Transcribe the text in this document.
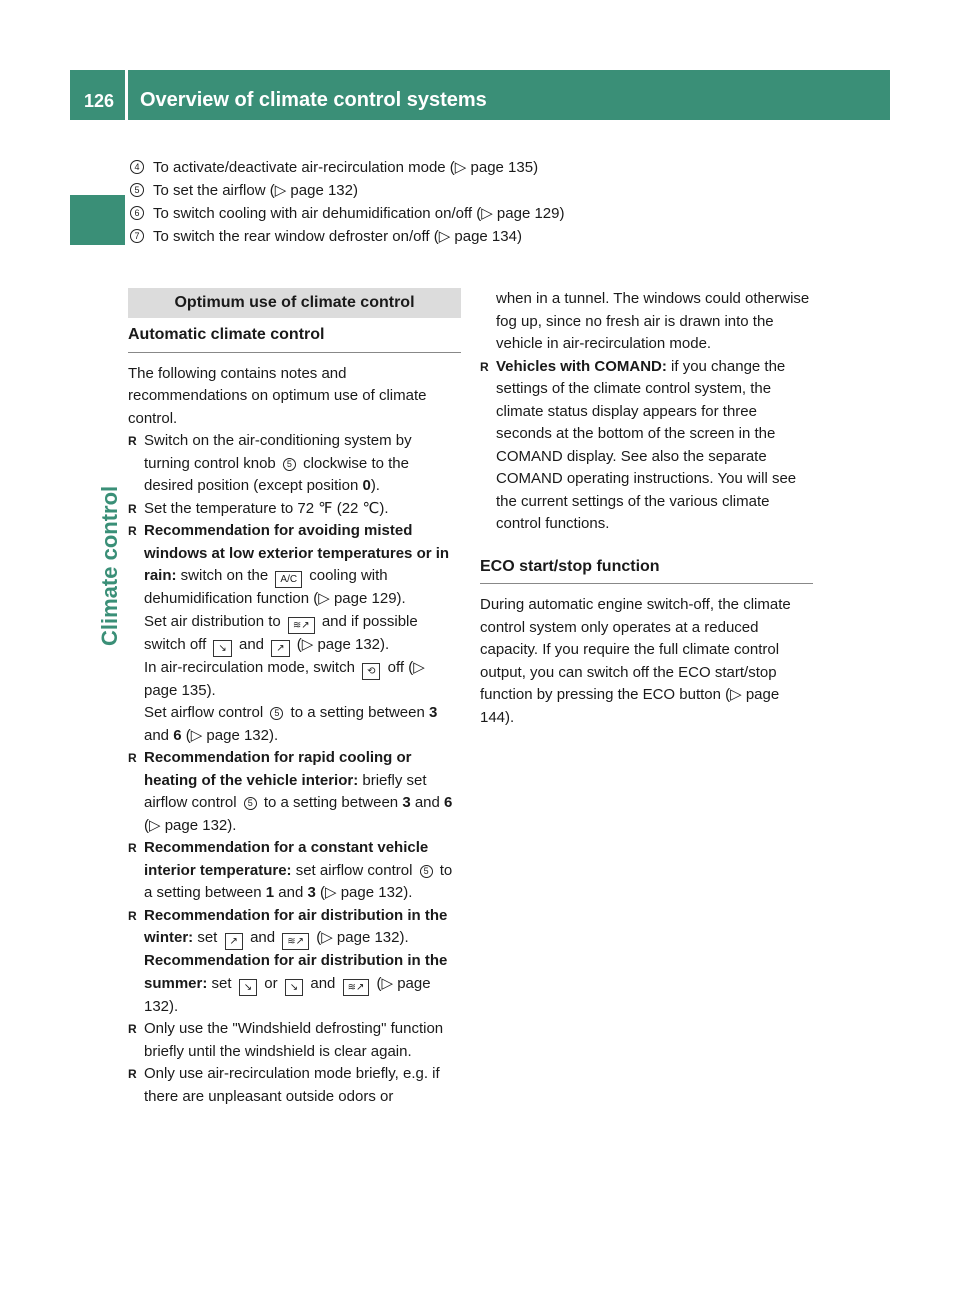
126 Overview of climate control systems
Climate control
4 To activate/deactivate air-recirculation mode (▷ page 135)
5 To set the airflow (▷ page 132)
6 To switch cooling with air dehumidification on/off (▷ page 129)
7 To switch the rear window defroster on/off (▷ page 134)
Optimum use of climate control
Automatic climate control
The following contains notes and recommendations on optimum use of climate control.
R Switch on the air-conditioning system by turning control knob 5 clockwise to the desired position (except position 0).
R Set the temperature to 72 ℉ (22 ℃).
R Recommendation for avoiding misted windows at low exterior temperatures or in rain: switch on the A/C cooling with dehumidification function (▷ page 129).
Set air distribution to ≋↗ and if possible switch off ↘ and ↗ (▷ page 132).
In air-recirculation mode, switch ⟲ off (▷ page 135).
Set airflow control 5 to a setting between 3 and 6 (▷ page 132).
R Recommendation for rapid cooling or heating of the vehicle interior: briefly set airflow control 5 to a setting between 3 and 6 (▷ page 132).
R Recommendation for a constant vehicle interior temperature: set airflow control 5 to a setting between 1 and 3 (▷ page 132).
R Recommendation for air distribution in the winter: set ↗ and ≋↗ (▷ page 132).
Recommendation for air distribution in the summer: set ↘ or ↘ and ≋↗ (▷ page 132).
R Only use the "Windshield defrosting" function briefly until the windshield is clear again.
R Only use air-recirculation mode briefly, e.g. if there are unpleasant outside odors or
when in a tunnel. The windows could otherwise fog up, since no fresh air is drawn into the vehicle in air-recirculation mode.
R Vehicles with COMAND: if you change the settings of the climate control system, the climate status display appears for three seconds at the bottom of the screen in the COMAND display. See also the separate COMAND operating instructions. You will see the current settings of the various climate control functions.
ECO start/stop function
During automatic engine switch-off, the climate control system only operates at a reduced capacity. If you require the full climate control output, you can switch off the ECO start/stop function by pressing the ECO button (▷ page 144).
